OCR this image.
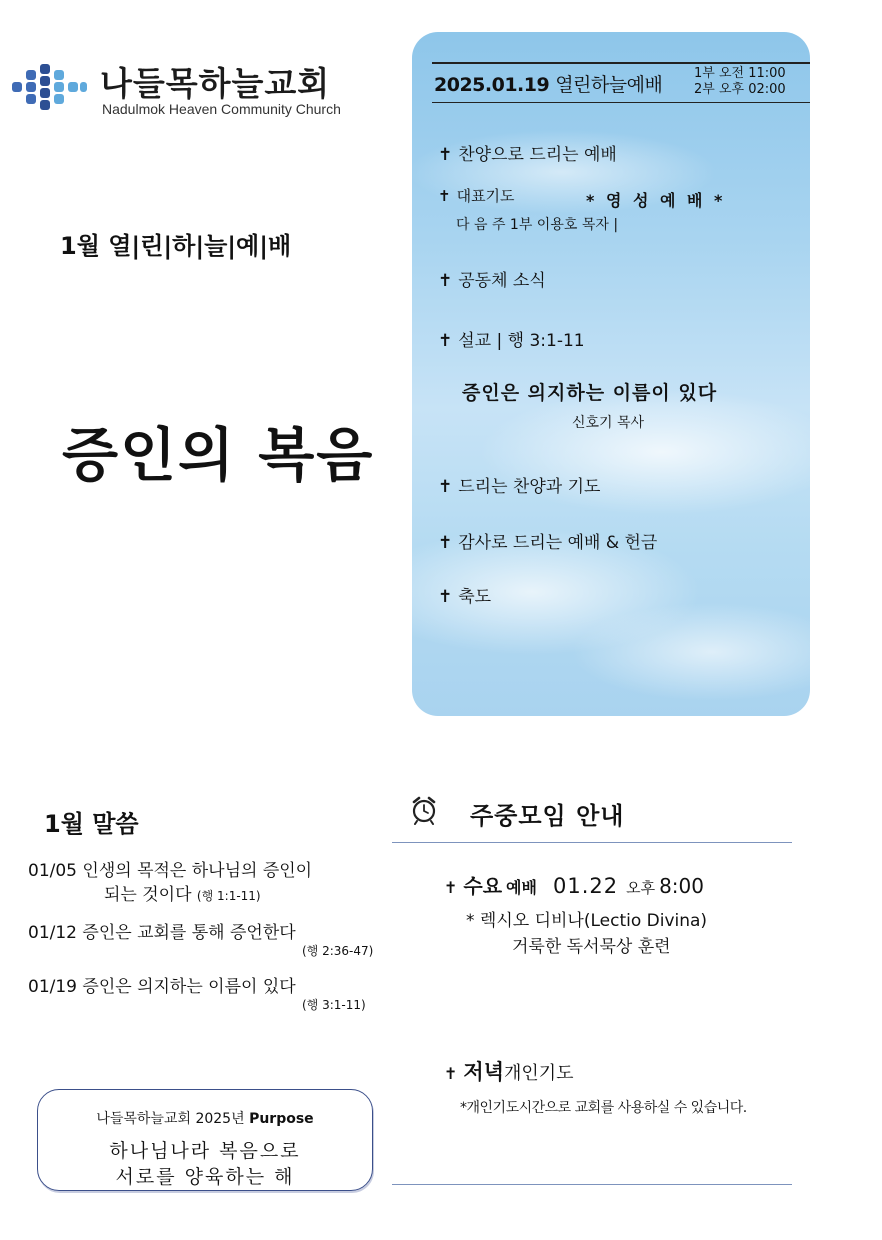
나들목하늘교회
Nadulmok Heaven Community Church
1월 열|린|하|늘|예|배
증인의 복음
2025.01.19 열린하늘예배
1부 오전 11:00
2부 오후 02:00
✝ 찬양으로 드리는 예배
✝ 대표기도	* 영 성 예 배 *
다 음 주 1부 이용호 목자 |
✝ 공동체 소식
✝ 설교 | 행 3:1-11
증인은 의지하는 이름이 있다
신호기 목사
✝ 드리는 찬양과 기도
✝ 감사로 드리는 예배 & 헌금
✝ 축도
1월 말씀
01/05 인생의 목적은 하나님의 증인이
되는 것이다 (행 1:1-11)
01/12 증인은 교회를 통해 증언한다
(행 2:36-47)
01/19 증인은 의지하는 이름이 있다
(행 3:1-11)
나들목하늘교회 2025년 Purpose
하나님나라 복음으로
서로를 양육하는 해
주중모임 안내
✝ 수요 예배 01.22 오후 8:00
* 렉시오 디비나(Lectio Divina)
거룩한 독서묵상 훈련
✝ 저녁개인기도
*개인기도시간으로 교회를 사용하실 수 있습니다.
